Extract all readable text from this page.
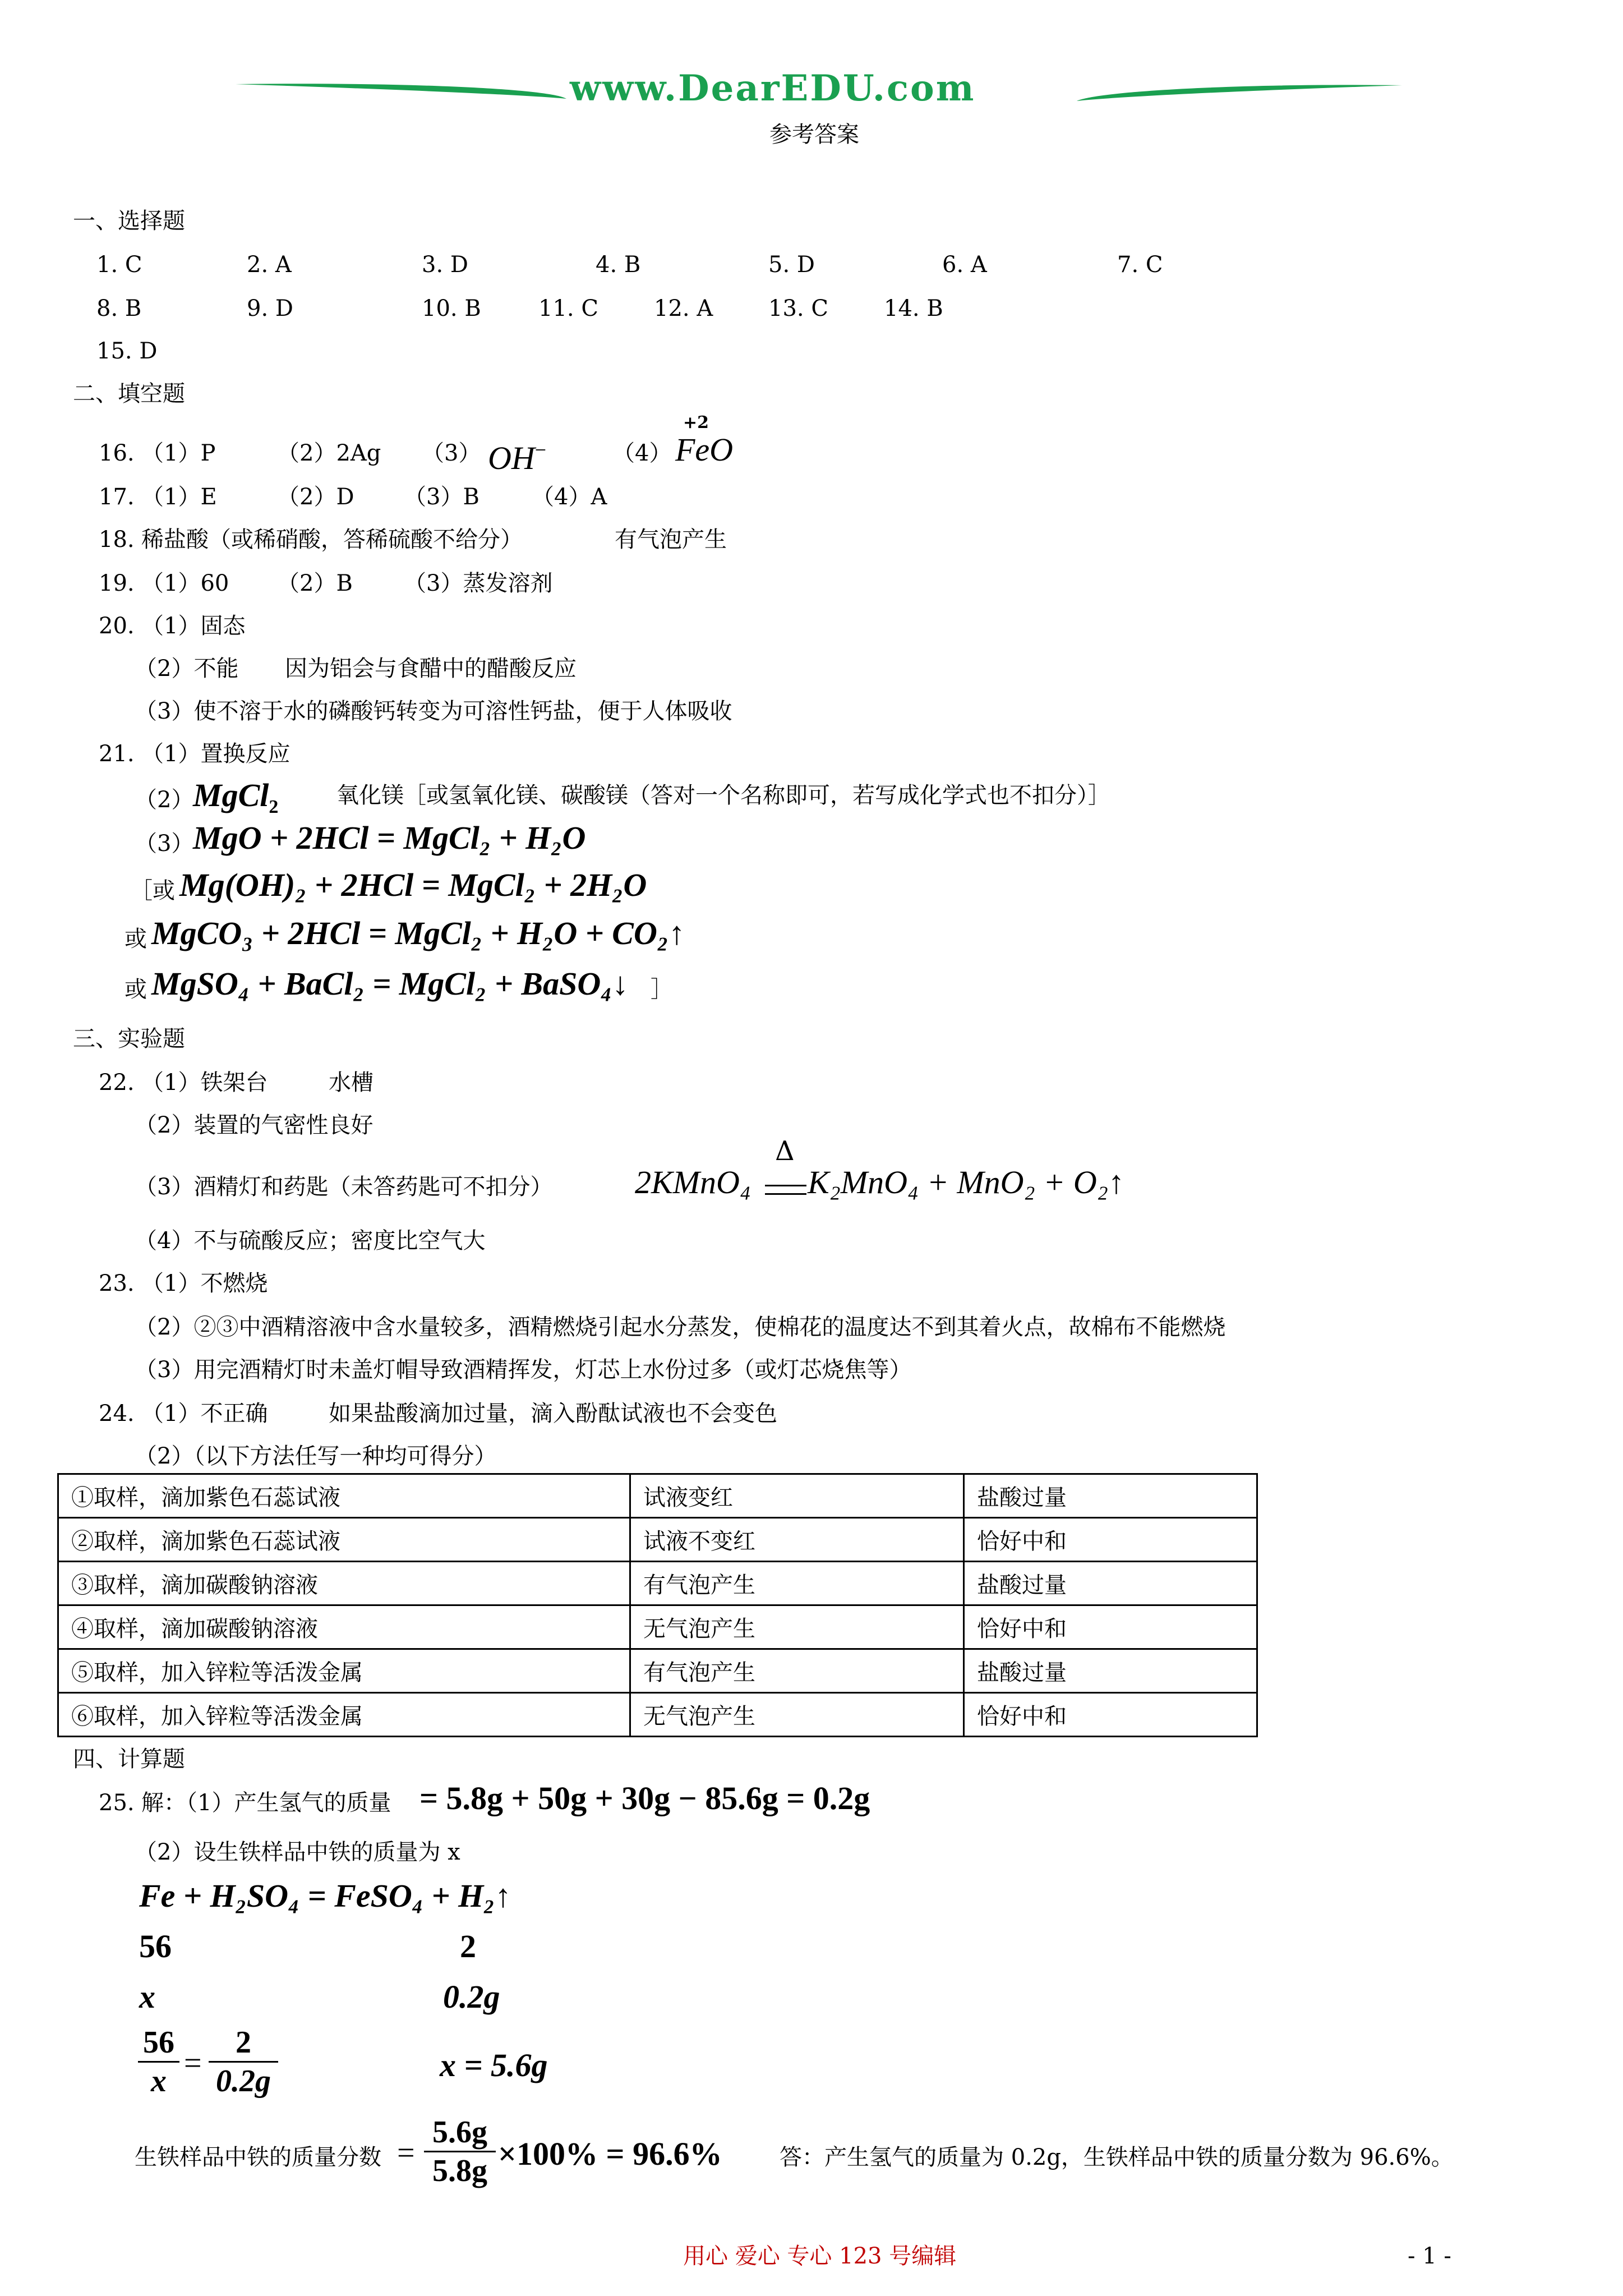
www.DearEDU.com
参考答案
一、选择题
1. C	2. A	3. D	4. B	5. D	6. A	7. C
8. B	9. D	10. B	11. C 12. A 13. C 14. B
15. D
二、填空题
16. （1）P	（2）2Ag （3） OH−	（4）
+2
FeO
17. （1）E	（2）D （3）B （4）A
18. 稀盐酸（或稀硝酸，答稀硫酸不给分）	有气泡产生
19. （1）60 （2）B （3）蒸发溶剂
20. （1）固态
（2）不能 因为铝会与食醋中的醋酸反应
（3）使不溶于水的磷酸钙转变为可溶性钙盐，便于人体吸收
21. （1）置换反应
（2）
MgCl$_2$	氧化镁［或氢氧化镁、碳酸镁（答对一个名称即可，若写成化学式也不扣分）］
（3）
MgO + 2HCl = MgCl₂ + H₂O
［或 Mg(OH)₂ + 2HCl = MgCl₂ + 2H₂O
或 MgCO₃ + 2HCl = MgCl₂ + H₂O + CO₂↑
或 MgSO₄ + BaCl₂ = MgCl₂ + BaSO₄↓ ］
三、实验题
22. （1）铁架台	水槽
（2）装置的气密性良好
（3）酒精灯和药匙（未答药匙可不扣分）	2KMnO₄
Δ
K₂MnO₄ + MnO₂ + O₂↑
（4）不与硫酸反应；密度比空气大
23. （1）不燃烧
（2）②③中酒精溶液中含水量较多，酒精燃烧引起水分蒸发，使棉花的温度达不到其着火点，故棉布不能燃烧
（3）用完酒精灯时未盖灯帽导致酒精挥发，灯芯上水份过多（或灯芯烧焦等）
24. （1）不正确	如果盐酸滴加过量，滴入酚酞试液也不会变色
（2）（以下方法任写一种均可得分）
①取样，滴加紫色石蕊试液	试液变红	盐酸过量
②取样，滴加紫色石蕊试液	试液不变红	恰好中和
③取样，滴加碳酸钠溶液	有气泡产生	盐酸过量
④取样，滴加碳酸钠溶液	无气泡产生	恰好中和
⑤取样，加入锌粒等活泼金属	有气泡产生	盐酸过量
⑥取样，加入锌粒等活泼金属	无气泡产生	恰好中和
四、计算题
25. 解：（1）产生氢气的质量 = 5.8g + 50g + 30g − 85.6g = 0.2g
（2）设生铁样品中铁的质量为 x
Fe + H₂SO₄ = FeSO₄ + H₂↑
56	2
x	0.2g
56
x
=
2
0.2g	x = 5.6g
生铁样品中铁的质量分数 =
5.6g
5.8g ×100% = 96.6%	答：产生氢气的质量为 0.2g，生铁样品中铁的质量分数为 96.6%。
用心 爱心 专心 123 号编辑	- 1 -
